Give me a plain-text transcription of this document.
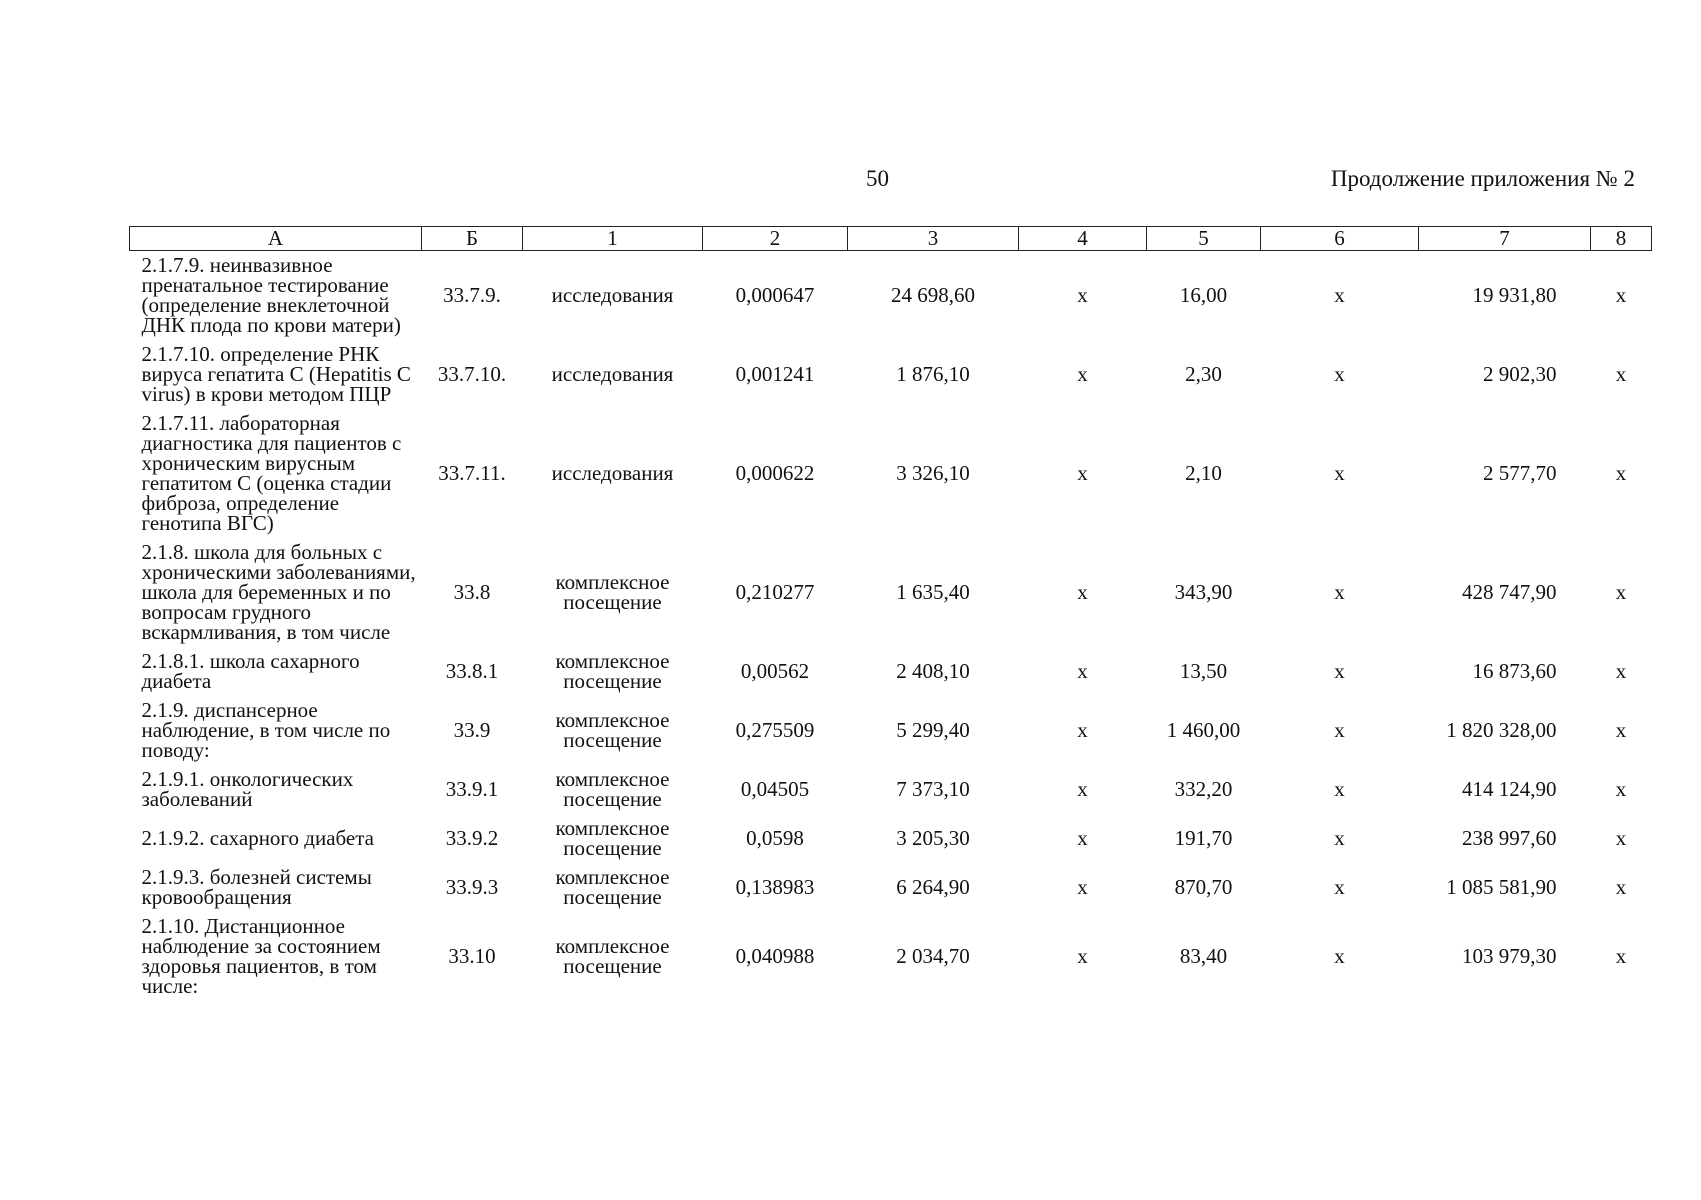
50	Продолжение приложения № 2
А	Б	1	2	3	4	5	6	7	8
2.1.7.9. неинвазивное пренатальное тестирование (определение внеклеточной ДНК плода по крови матери)	33.7.9.	исследования	0,000647	24 698,60	х	16,00	х	19 931,80	х
2.1.7.10. определение РНК вируса гепатита C (Hepatitis C virus) в крови методом ПЦР	33.7.10.	исследования	0,001241	1 876,10	х	2,30	х	2 902,30	х
2.1.7.11. лабораторная диагностика для пациентов с хроническим вирусным гепатитом С (оценка стадии фиброза, определение генотипа ВГС)	33.7.11.	исследования	0,000622	3 326,10	х	2,10	х	2 577,70	х
2.1.8. школа для больных с хроническими заболеваниями, школа для беременных и по вопросам грудного вскармливания, в том числе	33.8	комплексное посещение	0,210277	1 635,40	х	343,90	х	428 747,90	х
2.1.8.1. школа сахарного диабета	33.8.1	комплексное посещение	0,00562	2 408,10	х	13,50	х	16 873,60	х
2.1.9. диспансерное наблюдение, в том числе по поводу:	33.9	комплексное посещение	0,275509	5 299,40	х	1 460,00	х	1 820 328,00	х
2.1.9.1. онкологических заболеваний	33.9.1	комплексное посещение	0,04505	7 373,10	х	332,20	х	414 124,90	х
2.1.9.2. сахарного диабета	33.9.2	комплексное посещение	0,0598	3 205,30	х	191,70	х	238 997,60	х
2.1.9.3. болезней системы кровообращения	33.9.3	комплексное посещение	0,138983	6 264,90	х	870,70	х	1 085 581,90	х
2.1.10. Дистанционное наблюдение за состоянием здоровья пациентов, в том числе:	33.10	комплексное посещение	0,040988	2 034,70	х	83,40	х	103 979,30	х
